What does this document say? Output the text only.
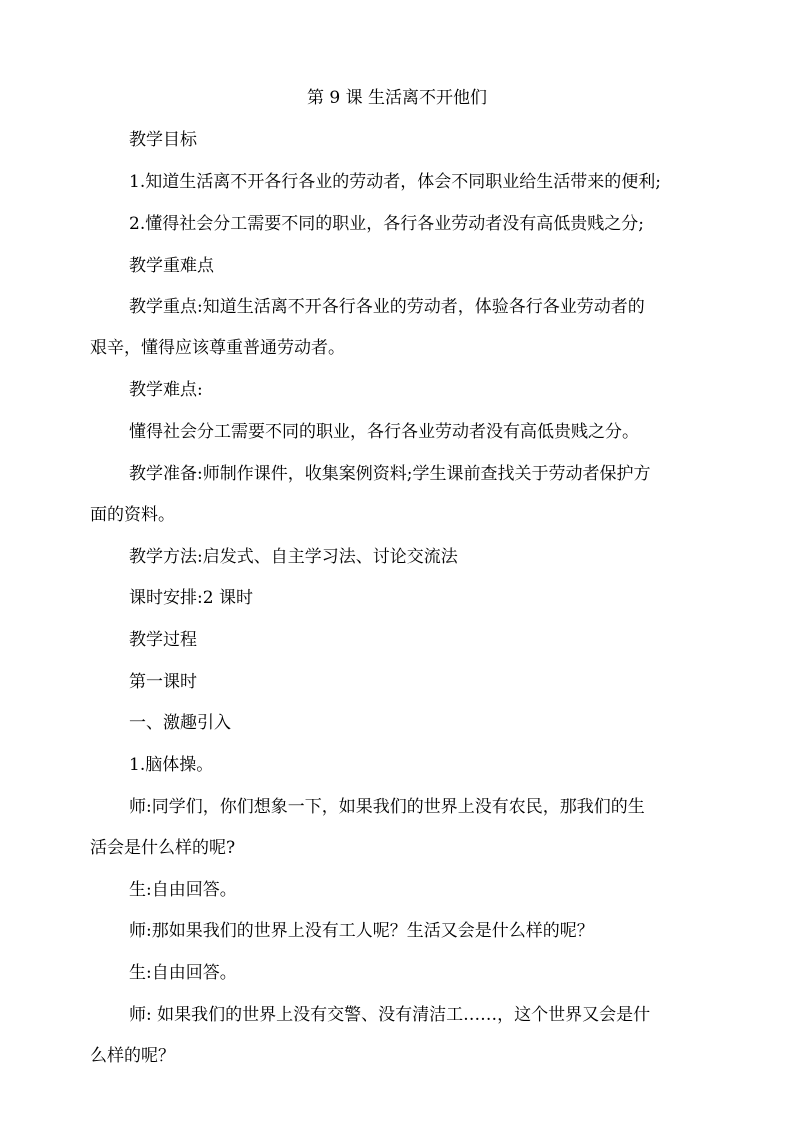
第 9 课 生活离不开他们
教学目标
1.知道生活离不开各行各业的劳动者，体会不同职业给生活带来的便利;
2.懂得社会分工需要不同的职业，各行各业劳动者没有高低贵贱之分;
教学重难点
教学重点:知道生活离不开各行各业的劳动者，体验各行各业劳动者的
艰辛，懂得应该尊重普通劳动者。
教学难点:
懂得社会分工需要不同的职业，各行各业劳动者没有高低贵贱之分。
教学准备:师制作课件，收集案例资料;学生课前查找关于劳动者保护方
面的资料。
教学方法:启发式、自主学习法、讨论交流法
课时安排:2 课时
教学过程
第一课时
一、激趣引入
1.脑体操。
师:同学们，你们想象一下，如果我们的世界上没有农民，那我们的生
活会是什么样的呢?
生:自由回答。
师:那如果我们的世界上没有工人呢？生活又会是什么样的呢？
生:自由回答。
师: 如果我们的世界上没有交警、没有清洁工……，这个世界又会是什
么样的呢？
